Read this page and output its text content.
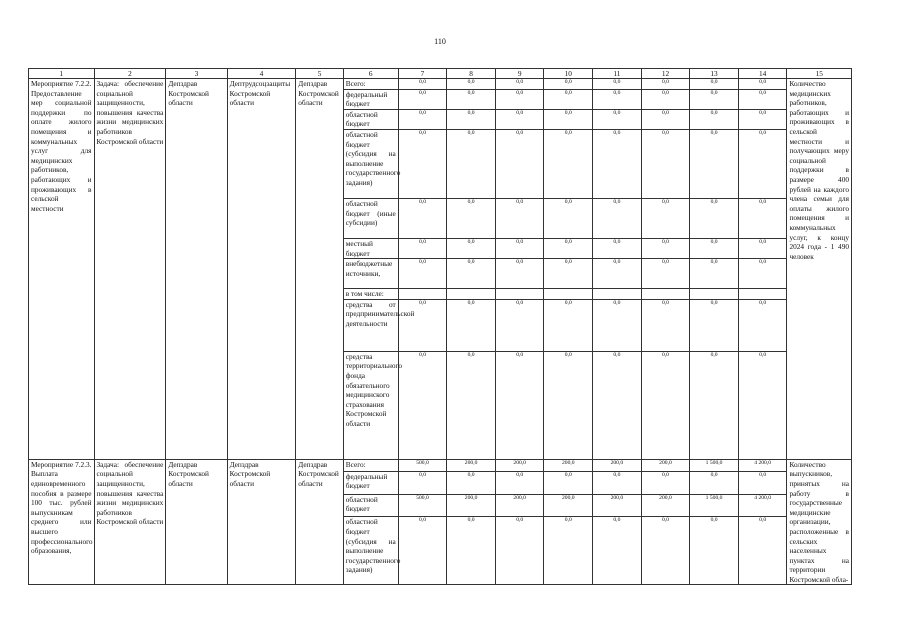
110
1	2	3	4	5	6	7	8	9	10	11	12	13	14	15
Мероприятие 7.2.2. Предоставление мер социальной поддержки по оплате жилого помещения и коммунальных услуг для медицинских работников, работающих и проживающих в сельской местности	Задача: обеспечение социальной защищенности, повышения качества жизни медицинских работников Костромской области	Депздрав Костромской области	Дептрудсоцзащиты Костромской области	Депздрав Костромской области	Всего:	0,0	0,0	0,0	0,0	0,0	0,0	0,0	0,0	Количество медицинских работников, работающих и проживающих в сельской местности и получающих меру социальной поддержки в размере 400 рублей на каждого члена семьи для оплаты жилого помещения и коммунальных услуг, к концу 2024 года - 1 490 человек
					федеральный бюджет	0,0	0,0	0,0	0,0	0,0	0,0	0,0	0,0	
					областной бюджет	0,0	0,0	0,0	0,0	0,0	0,0	0,0	0,0	
					областной бюджет (субсидия на выполнение государственного задания)	0,0	0,0	0,0	0,0	0,0	0,0	0,0	0,0	
					областной бюджет (иные субсидии)	0,0	0,0	0,0	0,0	0,0	0,0	0,0	0,0	
					местный бюджет	0,0	0,0	0,0	0,0	0,0	0,0	0,0	0,0	
					внебюджетные источники,	0,0	0,0	0,0	0,0	0,0	0,0	0,0	0,0	
					в том числе:									
					средства от предпринимательской деятельности	0,0	0,0	0,0	0,0	0,0	0,0	0,0	0,0	
					средства территориального фонда обязательного медицинского страхования Костромской области	0,0	0,0	0,0	0,0	0,0	0,0	0,0	0,0	
Мероприятие 7.2.3. Выплата единовременного пособия в размере 100 тыс. рублей выпускникам среднего или высшего профессионального образования,	Задача: обеспечение социальной защищенности, повышения качества жизни медицинских работников Костромской области	Депздрав Костромской области	Депздрав Костромской области	Депздрав Костромской области	Всего:	500,0	200,0	200,0	200,0	200,0	200,0	1 500,0	4 200,0	Количество выпускников, принятых на работу в государственные медицинские организации, расположенные в сельских населенных пунктах на территории Костромской обла-
					федеральный бюджет	0,0	0,0	0,0	0,0	0,0	0,0	0,0	0,0	
					областной бюджет	500,0	200,0	200,0	200,0	200,0	200,0	1 500,0	4 200,0	
					областной бюджет (субсидия на выполнение государственного задания)	0,0	0,0	0,0	0,0	0,0	0,0	0,0	0,0	
